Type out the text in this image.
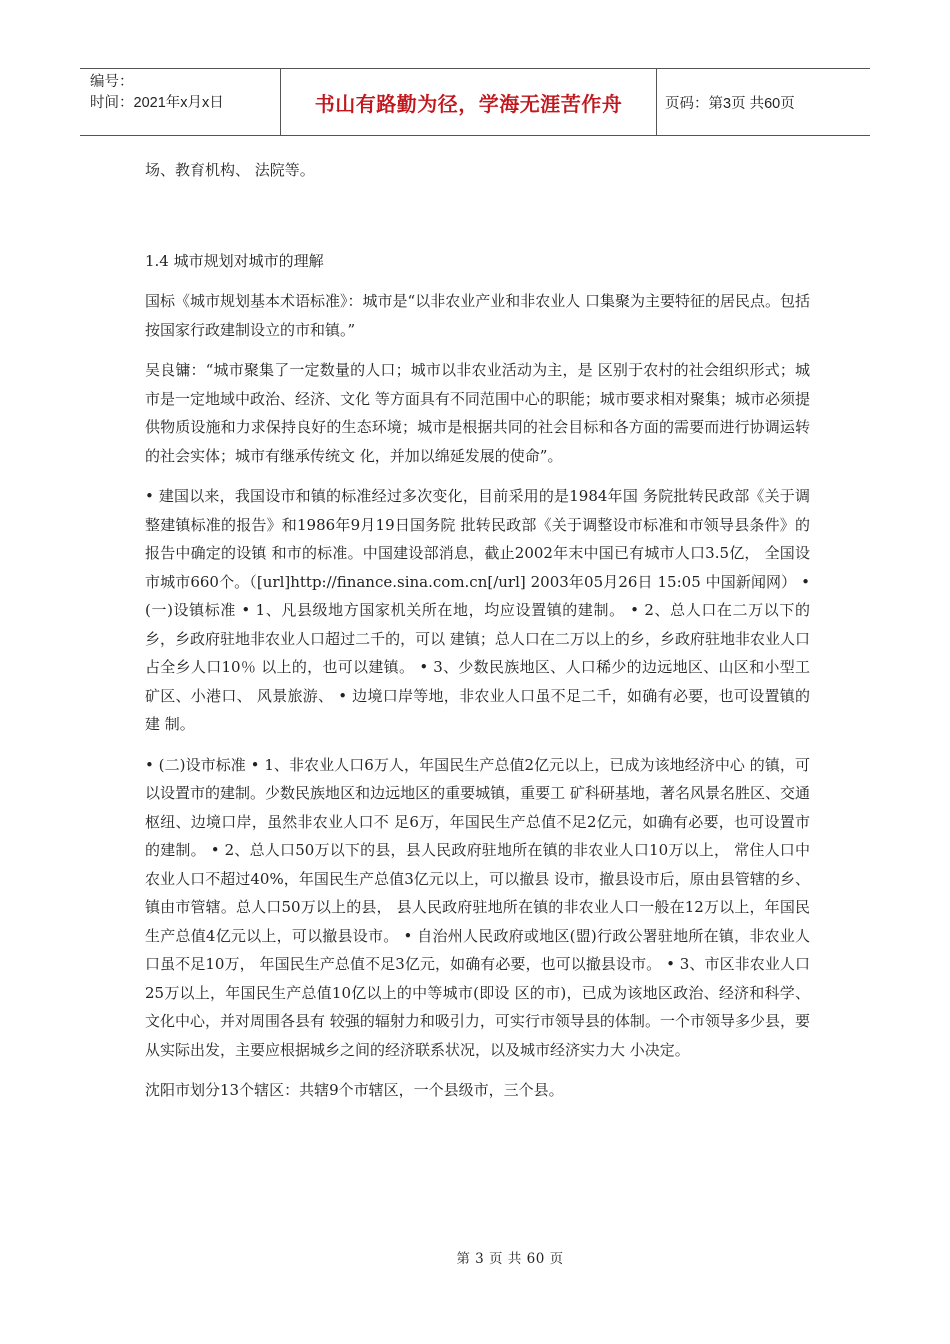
编号：
时间：2021年x月x日	书山有路勤为径，学海无涯苦作舟	页码：第3页 共60页

场、教育机构、 法院等。

1.4 城市规划对城市的理解

国标《城市规划基本术语标准》：城市是“以非农业产业和非农业人 口集聚为主要特征的居民点。包括按国家行政建制设立的市和镇。”

吴良镛：“城市聚集了一定数量的人口；城市以非农业活动为主，是 区别于农村的社会组织形式；城市是一定地域中政治、经济、文化 等方面具有不同范围中心的职能；城市要求相对聚集；城市必须提 供物质设施和力求保持良好的生态环境；城市是根据共同的社会目标和各方面的需要而进行协调运转的社会实体；城市有继承传统文 化，并加以绵延发展的使命”。

• 建国以来，我国设市和镇的标准经过多次变化，目前采用的是1984年国 务院批转民政部《关于调整建镇标准的报告》和1986年9月19日国务院 批转民政部《关于调整设市标准和市领导县条件》的报告中确定的设镇 和市的标准。中国建设部消息，截止2002年末中国已有城市人口3.5亿， 全国设市城市660个。（[url]http://finance.sina.com.cn[/url] 2003年05月26日 15:05 中国新闻网） • (一)设镇标准 • 1、凡县级地方国家机关所在地，均应设置镇的建制。 • 2、总人口在二万以下的乡，乡政府驻地非农业人口超过二千的，可以 建镇；总人口在二万以上的乡，乡政府驻地非农业人口占全乡人口10％ 以上的，也可以建镇。 • 3、少数民族地区、人口稀少的边远地区、山区和小型工矿区、小港口、 风景旅游、 • 边境口岸等地，非农业人口虽不足二千，如确有必要，也可设置镇的建 制。

• (二)设市标准 • 1、非农业人口6万人，年国民生产总值2亿元以上，已成为该地经济中心 的镇，可以设置市的建制。少数民族地区和边远地区的重要城镇，重要工 矿科研基地，著名风景名胜区、交通枢纽、边境口岸，虽然非农业人口不 足6万，年国民生产总值不足2亿元，如确有必要，也可设置市的建制。 • 2、总人口50万以下的县，县人民政府驻地所在镇的非农业人口10万以上， 常住人口中农业人口不超过40%，年国民生产总值3亿元以上，可以撤县 设市，撤县设市后，原由县管辖的乡、镇由市管辖。总人口50万以上的县， 县人民政府驻地所在镇的非农业人口一般在12万以上，年国民生产总值4亿元以上，可以撤县设市。 • 自治州人民政府或地区(盟)行政公署驻地所在镇，非农业人口虽不足10万， 年国民生产总值不足3亿元，如确有必要，也可以撤县设市。 • 3、市区非农业人口25万以上，年国民生产总值10亿以上的中等城市(即设 区的市)，已成为该地区政治、经济和科学、文化中心，并对周围各县有 较强的辐射力和吸引力，可实行市领导县的体制。一个市领导多少县，要 从实际出发，主要应根据城乡之间的经济联系状况，以及城市经济实力大 小决定。

沈阳市划分13个辖区：共辖9个市辖区，一个县级市，三个县。

第 3 页 共 60 页
